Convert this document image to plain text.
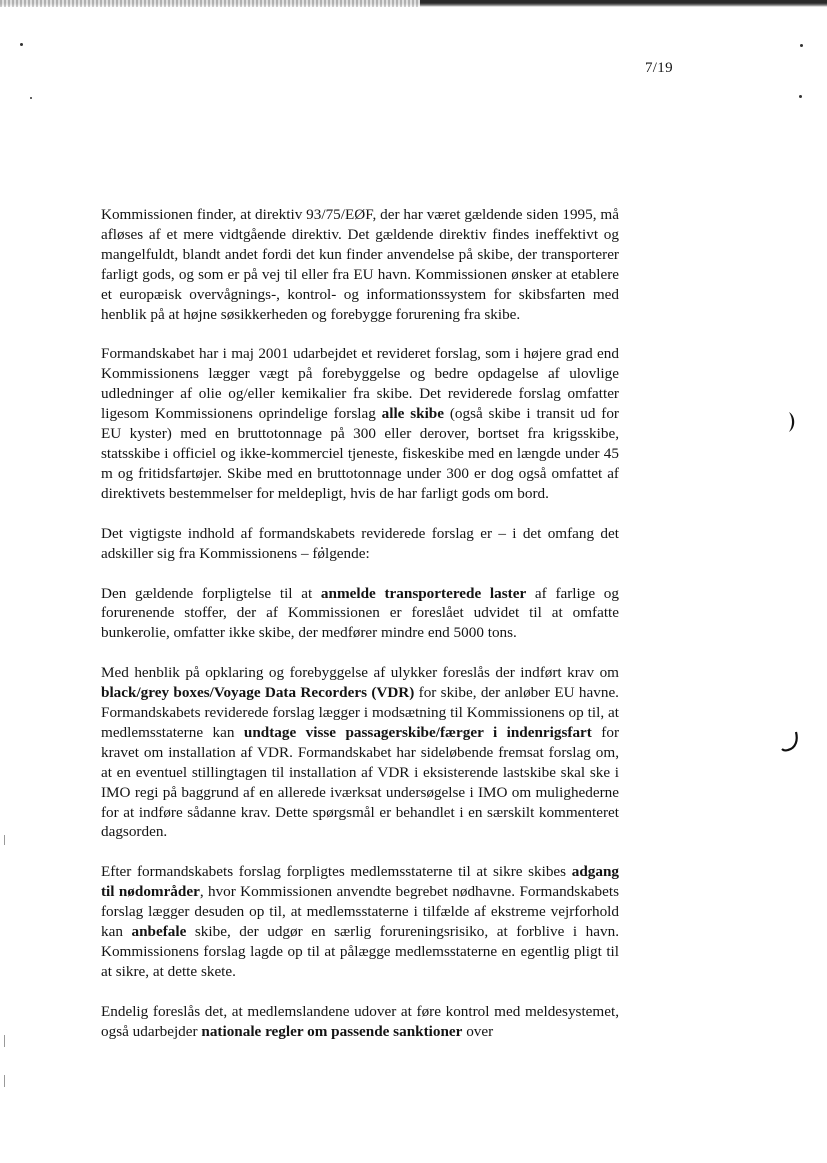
7/19

Kommissionen finder, at direktiv 93/75/EØF, der har været gældende siden 1995, må afløses af et mere vidtgående direktiv. Det gældende direktiv findes ineffektivt og mangelfuldt, blandt andet fordi det kun finder anvendelse på skibe, der transporterer farligt gods, og som er på vej til eller fra EU havn. Kommissionen ønsker at etablere et europæisk overvågnings-, kontrol- og informationssystem for skibsfarten med henblik på at højne søsikkerheden og forebygge forurening fra skibe.

Formandskabet har i maj 2001 udarbejdet et revideret forslag, som i højere grad end Kommissionens lægger vægt på forebyggelse og bedre opdagelse af ulovlige udledninger af olie og/eller kemikalier fra skibe. Det reviderede forslag omfatter ligesom Kommissionens oprindelige forslag alle skibe (også skibe i transit ud for EU kyster) med en bruttotonnage på 300 eller derover, bortset fra krigsskibe, statsskibe i officiel og ikke-kommerciel tjeneste, fiskeskibe med en længde under 45 m og fritidsfartøjer. Skibe med en bruttotonnage under 300 er dog også omfattet af direktivets bestemmelser for meldepligt, hvis de har farligt gods om bord.

Det vigtigste indhold af formandskabets reviderede forslag er – i det omfang det adskiller sig fra Kommissionens – følgende:

Den gældende forpligtelse til at anmelde transporterede laster af farlige og forurenende stoffer, der af Kommissionen er foreslået udvidet til at omfatte bunkerolie, omfatter ikke skibe, der medfører mindre end 5000 tons.

Med henblik på opklaring og forebyggelse af ulykker foreslås der indført krav om black/grey boxes/Voyage Data Recorders (VDR) for skibe, der anløber EU havne. Formandskabets reviderede forslag lægger i modsætning til Kommissionens op til, at medlemsstaterne kan undtage visse passagerskibe/færger i indenrigsfart for kravet om installation af VDR. Formandskabet har sideløbende fremsat forslag om, at en eventuel stillingtagen til installation af VDR i eksisterende lastskibe skal ske i IMO regi på baggrund af en allerede iværksat undersøgelse i IMO om mulighederne for at indføre sådanne krav. Dette spørgsmål er behandlet i en særskilt kommenteret dagsorden.

Efter formandskabets forslag forpligtes medlemsstaterne til at sikre skibes adgang til nødområder, hvor Kommissionen anvendte begrebet nødhavne. Formandskabets forslag lægger desuden op til, at medlemsstaterne i tilfælde af ekstreme vejrforhold kan anbefale skibe, der udgør en særlig forureningsrisiko, at forblive i havn. Kommissionens forslag lagde op til at pålægge medlemsstaterne en egentlig pligt til at sikre, at dette skete.

Endelig foreslås det, at medlemslandene udover at føre kontrol med meldesystemet, også udarbejder nationale regler om passende sanktioner over
